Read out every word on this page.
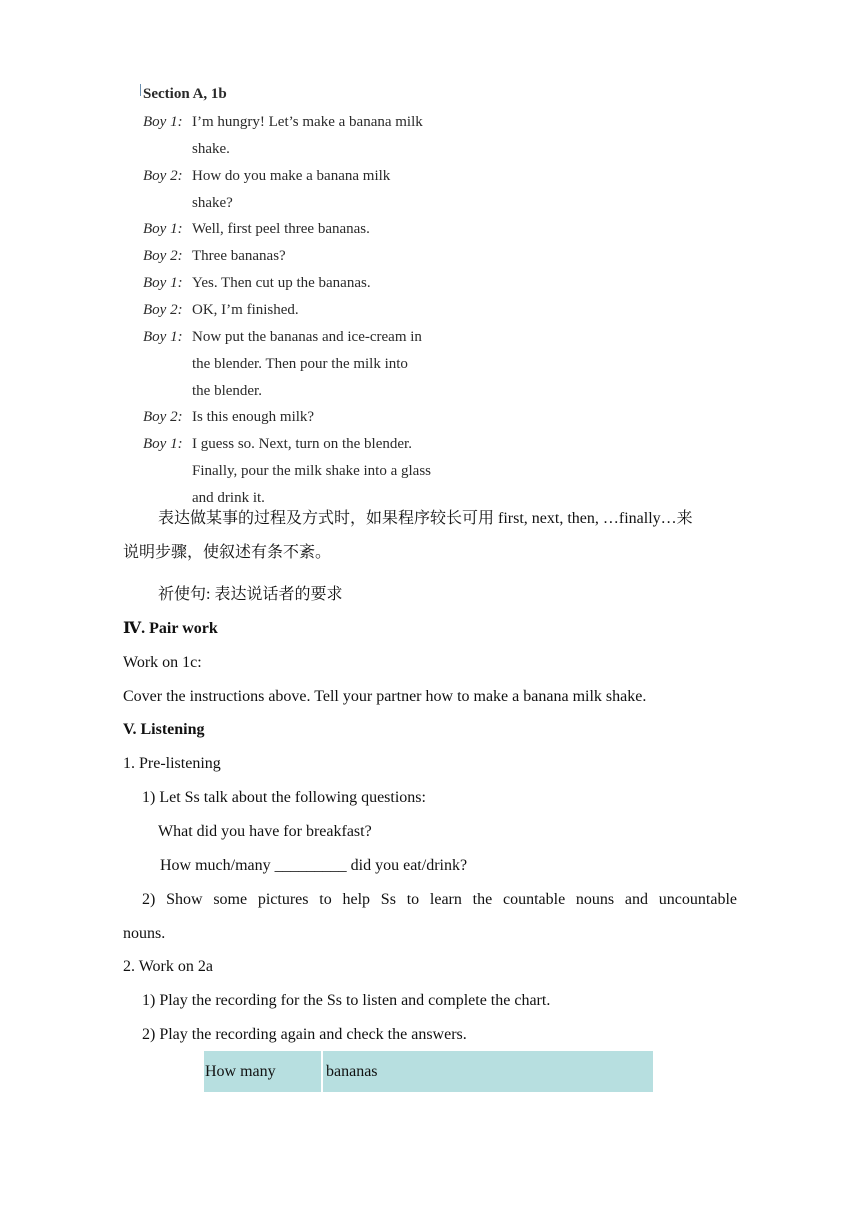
Section A, 1b
Boy 1: I’m hungry! Let’s make a banana milk
shake.
Boy 2: How do you make a banana milk
shake?
Boy 1: Well, first peel three bananas.
Boy 2: Three bananas?
Boy 1: Yes. Then cut up the bananas.
Boy 2: OK, I’m finished.
Boy 1: Now put the bananas and ice-cream in
the blender. Then pour the milk into
the blender.
Boy 2: Is this enough milk?
Boy 1: I guess so. Next, turn on the blender.
Finally, pour the milk shake into a glass
and drink it.
表达做某事的过程及方式时，如果程序较长可用 first, next, then, …finally…来
说明步骤，使叙述有条不紊。
祈使句: 表达说话者的要求
Ⅳ. Pair work
Work on 1c:
Cover the instructions above. Tell your partner how to make a banana milk shake.
V. Listening
1. Pre-listening
1) Let Ss talk about the following questions:
What did you have for breakfast?
How much/many _________ did you eat/drink?
2) Show some pictures to help Ss to learn the countable nouns and uncountable
nouns.
2. Work on 2a
1) Play the recording for the Ss to listen and complete the chart.
2) Play the recording again and check the answers.
How many	bananas
